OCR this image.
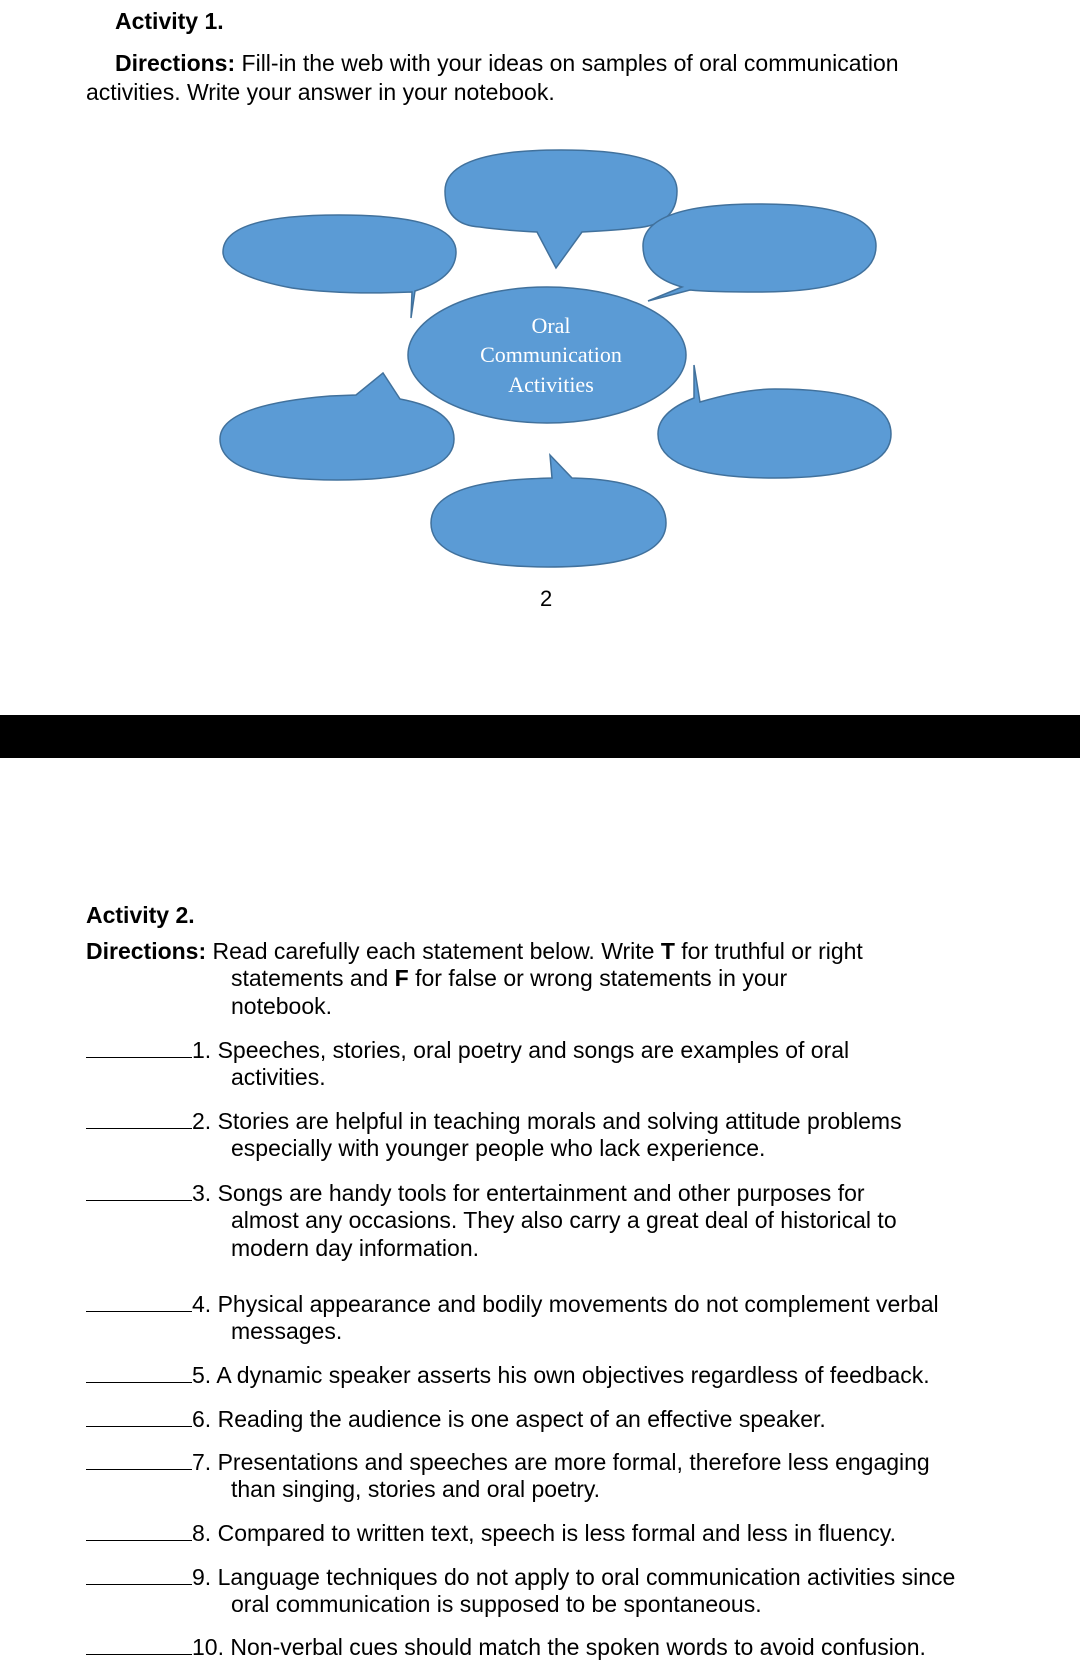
Activity 1.
Directions: Fill-in the web with your ideas on samples of oral communication
activities. Write your answer in your notebook.
Oral
Communication
Activities
2
Activity 2.
Directions: Read carefully each statement below. Write T for truthful or right
statements and F for false or wrong statements in your
notebook.
1. Speeches, stories, oral poetry and songs are examples of oral
activities.
2. Stories are helpful in teaching morals and solving attitude problems
especially with younger people who lack experience.
3. Songs are handy tools for entertainment and other purposes for
almost any occasions. They also carry a great deal of historical to
modern day information.
4. Physical appearance and bodily movements do not complement verbal
messages.
5. A dynamic speaker asserts his own objectives regardless of feedback.
6. Reading the audience is one aspect of an effective speaker.
7. Presentations and speeches are more formal, therefore less engaging
than singing, stories and oral poetry.
8. Compared to written text, speech is less formal and less in fluency.
9. Language techniques do not apply to oral communication activities since
oral communication is supposed to be spontaneous.
10. Non-verbal cues should match the spoken words to avoid confusion.
